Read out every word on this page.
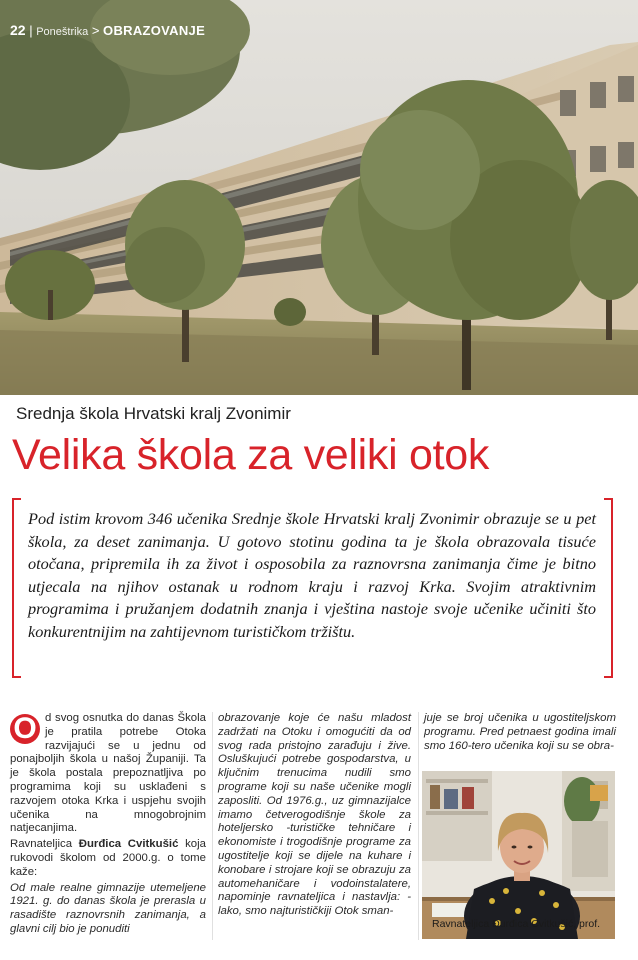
22 | Poneštrika > OBRAZOVANJE
Srednja škola Hrvatski kralj Zvonimir
Velika škola za veliki otok

Pod istim krovom 346 učenika Srednje škole Hrvatski kralj Zvonimir obrazuje se u pet škola, za deset zanimanja. U gotovo stotinu godina ta je škola obrazovala tisuće otočana, pripremila ih za život i osposobila za raznovrsna zanimanja čime je bitno utjecala na njihov ostanak u rodnom kraju i razvoj Krka. Svojim atraktivnim programima i pružanjem dodatnih znanja i vještina nastoje svoje učenike učiniti što konkurentnijim na zahtijevnom turističkom tržištu.

O d svog osnutka do danas Škola je pratila potrebe Otoka razvijajući se u jednu od ponajboljih škola u našoj Županiji. Ta je škola postala prepoznatljiva po programima koji su usklađeni s razvojem otoka Krka i uspjehu svojih učenika na mnogobrojnim natjecanjima.

Ravnateljica Đurđica Cvitkušić koja rukovodi školom od 2000.g. o tome kaže:

Od male realne gimnazije utemeljene 1921. g. do danas škola je prerasla u rasadište raznovrsnih zanimanja, a glavni cilj bio je ponuditi

obrazovanje koje će našu mladost zadržati na Otoku i omogućiti da od svog rada pristojno zarađuju i žive. Osluškujući potrebe gospodarstva, u ključnim trenucima nudili smo programe koji su naše učenike mogli zaposliti. Od 1976.g., uz gimnazijalce imamo četverogodišnje škole za hoteljersko -turističke tehničare i ekonomiste i trogodišnje programe za ugostiteljе koji se dijele na kuhare i konobare i strojare koji se obrazuju za automehaničare i vodoinstalatere, napominje ravnateljica i nastavlja: - lako, smo najturističkiji Otok sman-

juje se broj učenika u ugostiteljskom programu. Pred petnaest godina imali smo 160-tero učenika koji su se obra-

Ravnateljica Đurđica Cvitkušić, prof.
